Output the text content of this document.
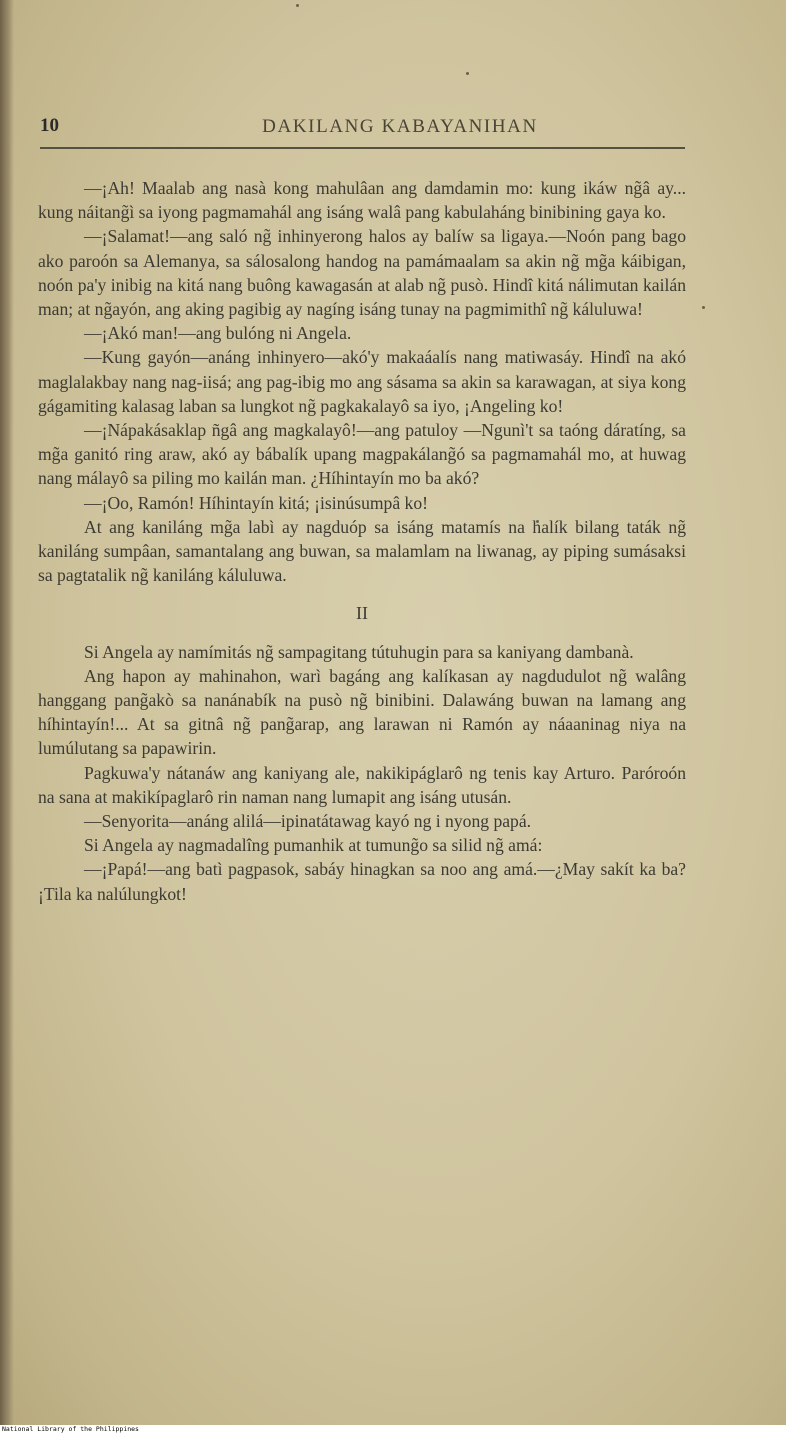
10	DAKILANG KABAYANIHAN

—¡Ah! Maalab ang nasà kong mahulâan ang damdamin mo: kung ikáw ng̃â ay... kung náitang̃ì sa iyong pagmamahál ang isáng walâ pang kabulaháng binibining gaya ko.

—¡Salamat!—ang saló ng̃ inhinyerong halos ay balíw sa ligaya.—Noón pang bago ako paroón sa Alemanya, sa sálosalong handog na pamámaalam sa akin ng̃ mg̃a káibigan, noón pa'y inibig na kitá nang buông kawagasán at alab ng̃ pusò. Hindî kitá nálimutan kailán man; at ng̃ayón, ang aking pagibig ay nagíng isáng tunay na pagmimithî ng̃ káluluwa!

—¡Akó man!—ang bulóng ni Angela.

—Kung gayón—anáng inhinyero—akó'y makaáalís nang matiwasáy. Hindî na akó maglalakbay nang nag-iisá; ang pag-ibig mo ang sásama sa akin sa karawagan, at siya kong gágamiting kalasag laban sa lungkot ng̃ pagkakalayô sa iyo, ¡Angeling ko!

—¡Nápakásaklap ñgâ ang magkalayô!—ang patuloy —Ngunì't sa taóng dáratíng, sa mg̃a ganitó ring araw, akó ay bábalík upang magpakálang̃ó sa pagmamahál mo, at huwag nang málayô sa piling mo kailán man. ¿Híhintayín mo ba akó?

—¡Oo, Ramón! Híhintayín kitá; ¡isinúsumpâ ko!

At ang kaniláng mg̃a labì ay nagduóp sa isáng matamís na halík bilang taták ng̃ kaniláng sumpâan, samantalang ang buwan, sa malamlam na liwanag, ay piping sumásaksi sa pagtatalik ng̃ kaniláng káluluwa.

II

Si Angela ay namímitás ng̃ sampagitang tútuhugin para sa kaniyang dambanà.

Ang hapon ay mahinahon, warì bagáng ang kalíkasan ay nagdudulot ng̃ walâng hanggang pang̃akò sa nanánabík na pusò ng̃ binibini. Dalawáng buwan na lamang ang híhintayín!... At sa gitnâ ng̃ pang̃arap, ang larawan ni Ramón ay náaaninag niya na lumúlutang sa papawirin.

Pagkuwa'y nátanáw ang kaniyang ale, nakikipáglarô ng tenis kay Arturo. Paróroón na sana at makikípaglarô rin naman nang lumapit ang isáng utusán.

—Senyorita—anáng alilá—ipinatátawag kayó ng i nyong papá.

Si Angela ay nagmadalîng pumanhik at tumung̃o sa silid ng̃ amá:

—¡Papá!—ang batì pagpasok, sabáy hinagkan sa noo ang amá.—¿May sakít ka ba? ¡Tila ka nalúlungkot!

National Library of the Philippines
